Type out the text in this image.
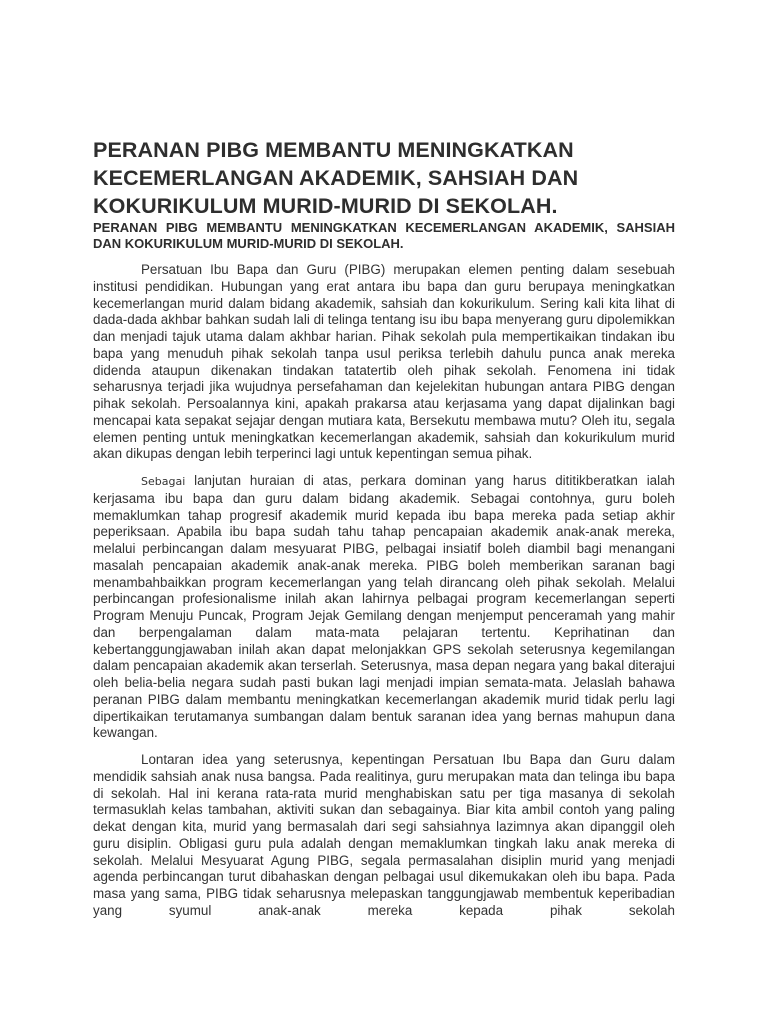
PERANAN PIBG MEMBANTU MENINGKATKAN KECEMERLANGAN AKADEMIK, SAHSIAH DAN KOKURIKULUM MURID-MURID DI SEKOLAH.
PERANAN PIBG MEMBANTU MENINGKATKAN KECEMERLANGAN AKADEMIK, SAHSIAH DAN KOKURIKULUM MURID-MURID DI SEKOLAH.

Persatuan Ibu Bapa dan Guru (PIBG) merupakan elemen penting dalam sesebuah institusi pendidikan. Hubungan yang erat antara ibu bapa dan guru berupaya meningkatkan kecemerlangan murid dalam bidang akademik, sahsiah dan kokurikulum. Sering kali kita lihat di dada-dada akhbar bahkan sudah lali di telinga tentang isu ibu bapa menyerang guru dipolemikkan dan menjadi tajuk utama dalam akhbar harian. Pihak sekolah pula mempertikaikan tindakan ibu bapa yang menuduh pihak sekolah tanpa usul periksa terlebih dahulu punca anak mereka didenda ataupun dikenakan tindakan tatatertib oleh pihak sekolah. Fenomena ini tidak seharusnya terjadi jika wujudnya persefahaman dan kejelekitan hubungan antara PIBG dengan pihak sekolah. Persoalannya kini, apakah prakarsa atau kerjasama yang dapat dijalinkan bagi mencapai kata sepakat sejajar dengan mutiara kata, Bersekutu membawa mutu? Oleh itu, segala elemen penting untuk meningkatkan kecemerlangan akademik, sahsiah dan kokurikulum murid akan dikupas dengan lebih terperinci lagi untuk kepentingan semua pihak.

Sebagai lanjutan huraian di atas, perkara dominan yang harus dititikberatkan ialah kerjasama ibu bapa dan guru dalam bidang akademik. Sebagai contohnya, guru boleh memaklumkan tahap progresif akademik murid kepada ibu bapa mereka pada setiap akhir peperiksaan. Apabila ibu bapa sudah tahu tahap pencapaian akademik anak-anak mereka, melalui perbincangan dalam mesyuarat PIBG, pelbagai insiatif boleh diambil bagi menangani masalah pencapaian akademik anak-anak mereka. PIBG boleh memberikan saranan bagi menambahbaikkan program kecemerlangan yang telah dirancang oleh pihak sekolah. Melalui perbincangan profesionalisme inilah akan lahirnya pelbagai program kecemerlangan seperti Program Menuju Puncak, Program Jejak Gemilang dengan menjemput penceramah yang mahir dan berpengalaman dalam mata-mata pelajaran tertentu. Keprihatinan dan kebertanggungjawaban inilah akan dapat melonjakkan GPS sekolah seterusnya kegemilangan dalam pencapaian akademik akan terserlah. Seterusnya, masa depan negara yang bakal diterajui oleh belia-belia negara sudah pasti bukan lagi menjadi impian semata-mata. Jelaslah bahawa peranan PIBG dalam membantu meningkatkan kecemerlangan akademik murid tidak perlu lagi dipertikaikan terutamanya sumbangan dalam bentuk saranan idea yang bernas mahupun dana kewangan.

Lontaran idea yang seterusnya, kepentingan Persatuan Ibu Bapa dan Guru dalam mendidik sahsiah anak nusa bangsa. Pada realitinya, guru merupakan mata dan telinga ibu bapa di sekolah. Hal ini kerana rata-rata murid menghabiskan satu per tiga masanya di sekolah termasuklah kelas tambahan, aktiviti sukan dan sebagainya. Biar kita ambil contoh yang paling dekat dengan kita, murid yang bermasalah dari segi sahsiahnya lazimnya akan dipanggil oleh guru disiplin. Obligasi guru pula adalah dengan memaklumkan tingkah laku anak mereka di sekolah. Melalui Mesyuarat Agung PIBG, segala permasalahan disiplin murid yang menjadi agenda perbincangan turut dibahaskan dengan pelbagai usul dikemukakan oleh ibu bapa. Pada masa yang sama, PIBG tidak seharusnya melepaskan tanggungjawab membentuk keperibadian yang syumul anak-anak mereka kepada pihak sekolah
